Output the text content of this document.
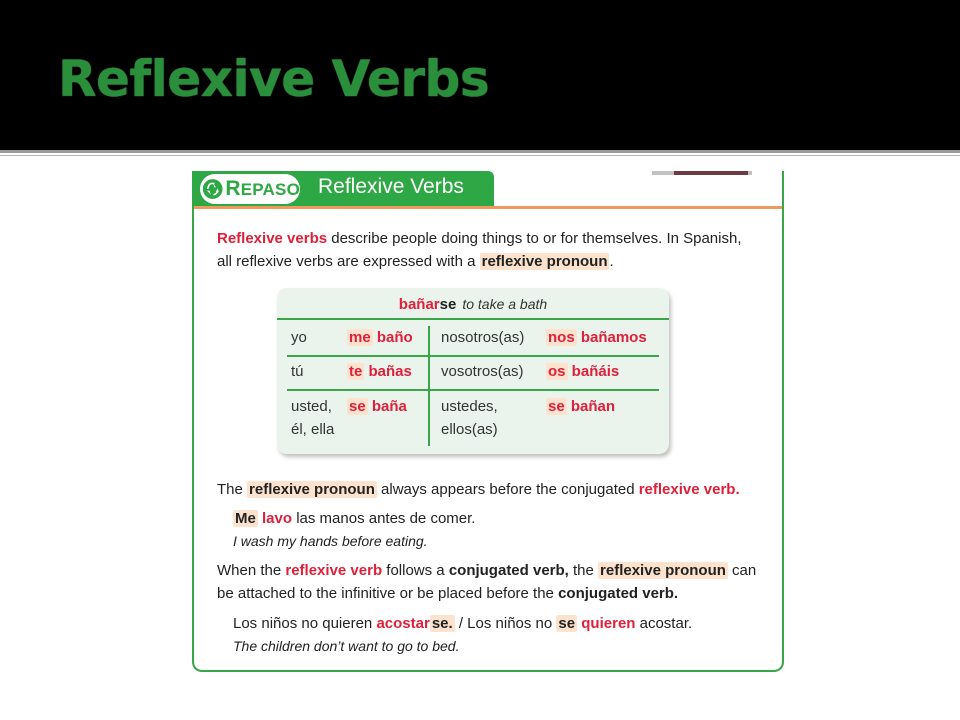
Reflexive Verbs
REPASO Reflexive Verbs
Reflexive verbs describe people doing things to or for themselves. In Spanish,
all reflexive verbs are expressed with a reflexive pronoun .
bañarse to take a bath
yo	me baño nosotros(as) nos bañamos
tú	te bañas vosotros(as) os bañáis
usted,
él, ella
se baña ustedes,
ellos(as)
se bañan
The reflexive pronoun always appears before the conjugated reflexive verb.
Me lavo las manos antes de comer.
I wash my hands before eating.
When the reflexive verb follows a conjugated verb, the reflexive pronoun can
be attached to the infinitive or be placed before the conjugated verb.
Los niños no quieren acostar se. / Los niños no se quieren acostar.
The children don’t want to go to bed.
